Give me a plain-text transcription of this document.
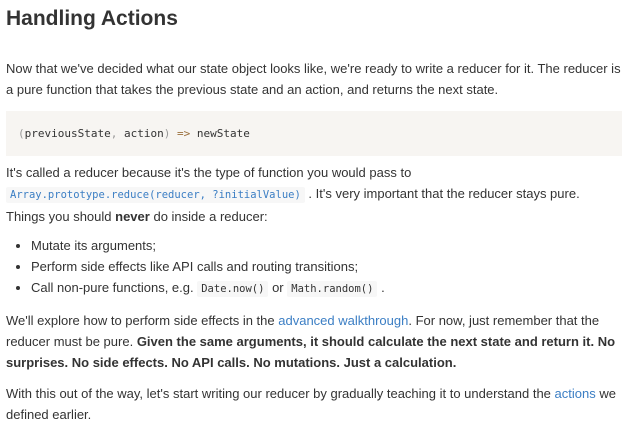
Handling Actions

Now that we've decided what our state object looks like, we're ready to write a reducer for it. The reducer is a pure function that takes the previous state and an action, and returns the next state.

(previousState, action) => newState

It's called a reducer because it's the type of function you would pass to
Array.prototype.reduce(reducer, ?initialValue) . It's very important that the reducer stays pure. Things you should never do inside a reducer:

• Mutate its arguments;
• Perform side effects like API calls and routing transitions;
• Call non-pure functions, e.g. Date.now() or Math.random() .

We'll explore how to perform side effects in the advanced walkthrough. For now, just remember that the reducer must be pure. Given the same arguments, it should calculate the next state and return it. No surprises. No side effects. No API calls. No mutations. Just a calculation.

With this out of the way, let's start writing our reducer by gradually teaching it to understand the actions we defined earlier.
